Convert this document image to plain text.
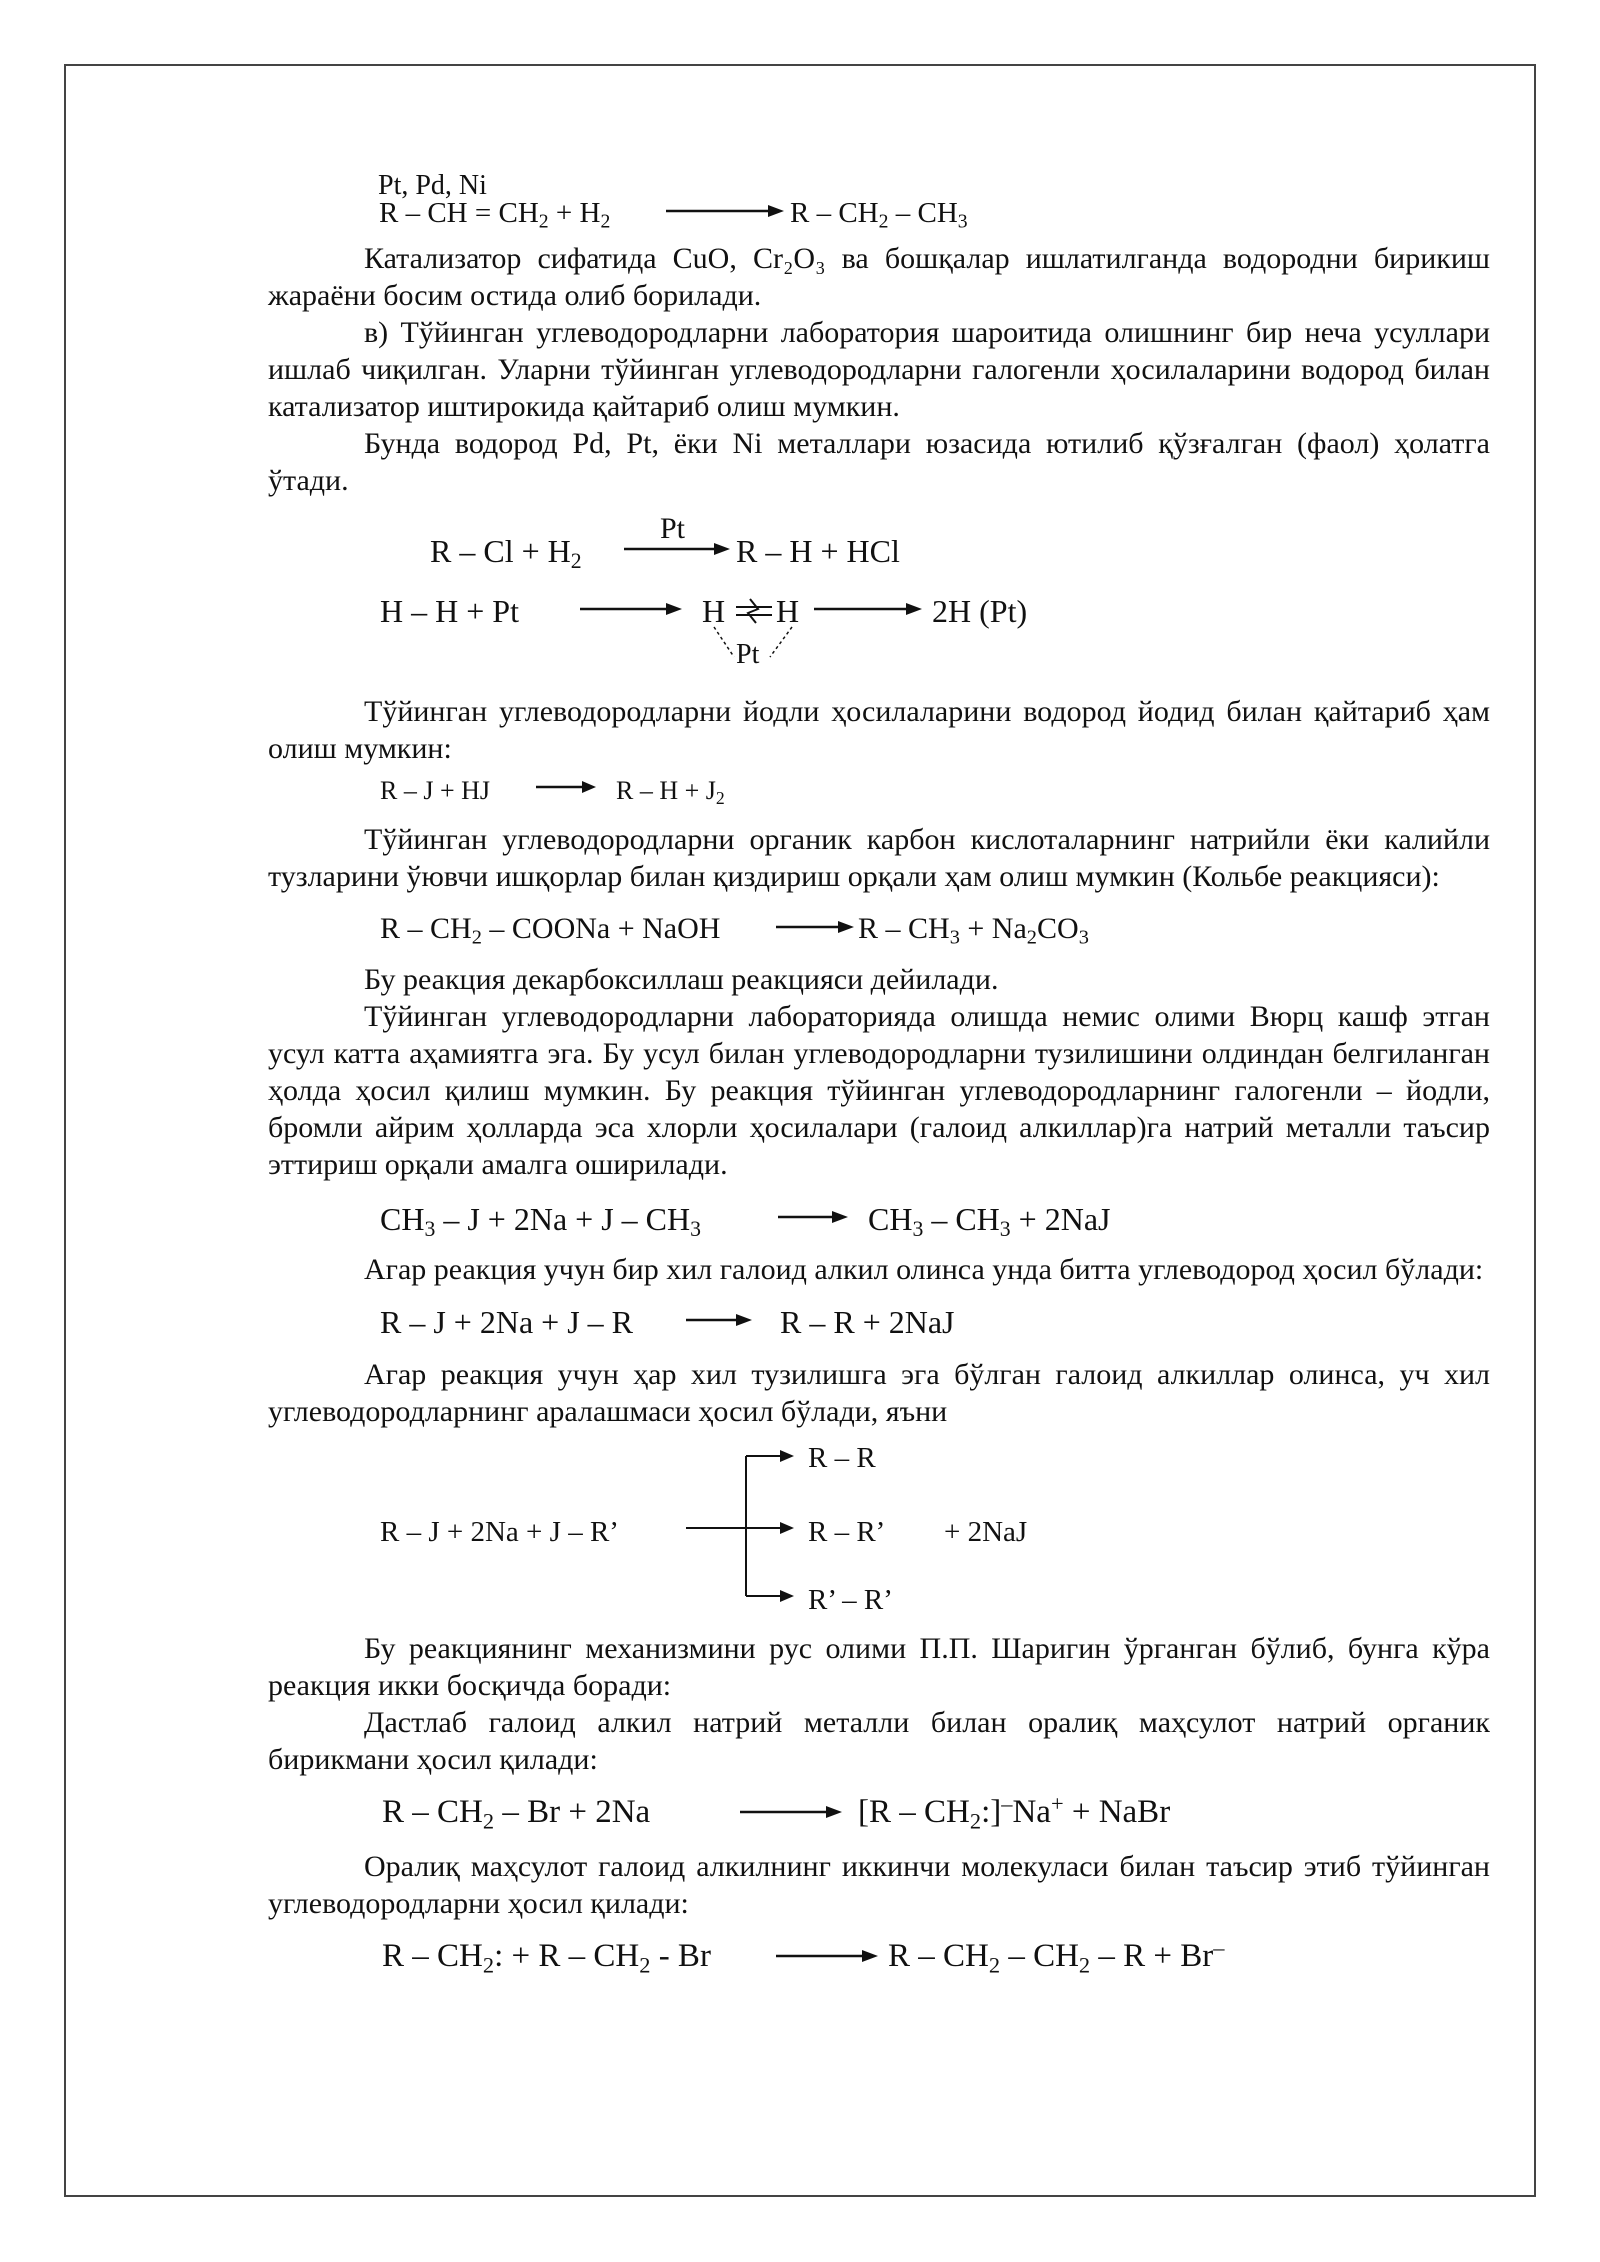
Pt, Pd, Ni
R – CH = $CH_2 + H_2 \to R - CH_2 - CH_3$

Катализатор сифатида CuO, Cr₂O₃ ва бошқалар ишлатилганда водородни бирикиш жараёни босим остида олиб борилади.

в) Тўйинган углеводородларни лаборатория шароитида олишнинг бир неча усуллари ишлаб чиқилган. Уларни тўйинган углеводородларни галогенли ҳосилаларини водород билан катализатор иштирокида қайтариб олиш мумкин.

Бунда водород Pd, Pt, ёки Ni металлари юзасида ютилиб қўзғалган (фаол) ҳолатга ўтади.

Pt
$R - Cl + H_2 \to R - H$ + HCl
H – H + Pt → H H
Pt
→ 2H (Pt)

Тўйинган углеводородларни йодли ҳосилаларини водород йодид билан қайтариб ҳам олиш мумкин:

R – J + HJ → $R - H + J_2$

Тўйинган углеводородларни органик карбон кислоталарнинг натрийли ёки калийли тузларини ўювчи ишқорлар билан қиздириш орқали ҳам олиш мумкин (Кольбе реакцияси):

R – $CH_2$ – COONa + NaOH → $R - CH_3 + Na_2CO_3$

Бу реакция декарбоксиллаш реакцияси дейилади.

Тўйинган углеводородларни лабораторияда олишда немис олими Вюрц кашф этган усул катта аҳамиятга эга. Бу усул билан углеводородларни тузилишини олдиндан белгиланган ҳолда ҳосил қилиш мумкин. Бу реакция тўйинган углеводородларнинг галогенли – йодли, бромли айрим ҳолларда эса хлорли ҳосилалари (галоид алкиллар)га натрий металли таъсир эттириш орқали амалга оширилади.

$CH_3 - J + 2Na + J - CH_3 \to CH_3 - CH_3 + 2NaJ$

Агар реакция учун бир хил галоид алкил олинса унда битта углеводород ҳосил бўлади:

R – J + 2Na + J – R → R – R + 2NaJ

Агар реакция учун ҳар хил тузилишга эга бўлган галоид алкиллар олинса, уч хил углеводородларнинг аралашмаси ҳосил бўлади, яъни

R – J + 2Na + J – R’
R – R
R – R’ + 2NaJ
R’ – R’

Бу реакциянинг механизмини рус олими П.П. Шаригин ўрганган бўлиб, бунга кўра реакция икки босқичда боради:

Дастлаб галоид алкил натрий металли билан оралиқ маҳсулот натрий органик бирикмани ҳосил қилади:

$R - CH_2 - Br + 2Na$	→ $[R - CH_2:]^-Na^+$ + NaBr

Оралиқ маҳсулот галоид алкилнинг иккинчи молекуласи билан таъсир этиб тўйинган углеводородларни ҳосил қилади:

R – $CH_2$: + $R - CH_2 - Br \to R - CH_2 - CH_2 - R + Br^-$
